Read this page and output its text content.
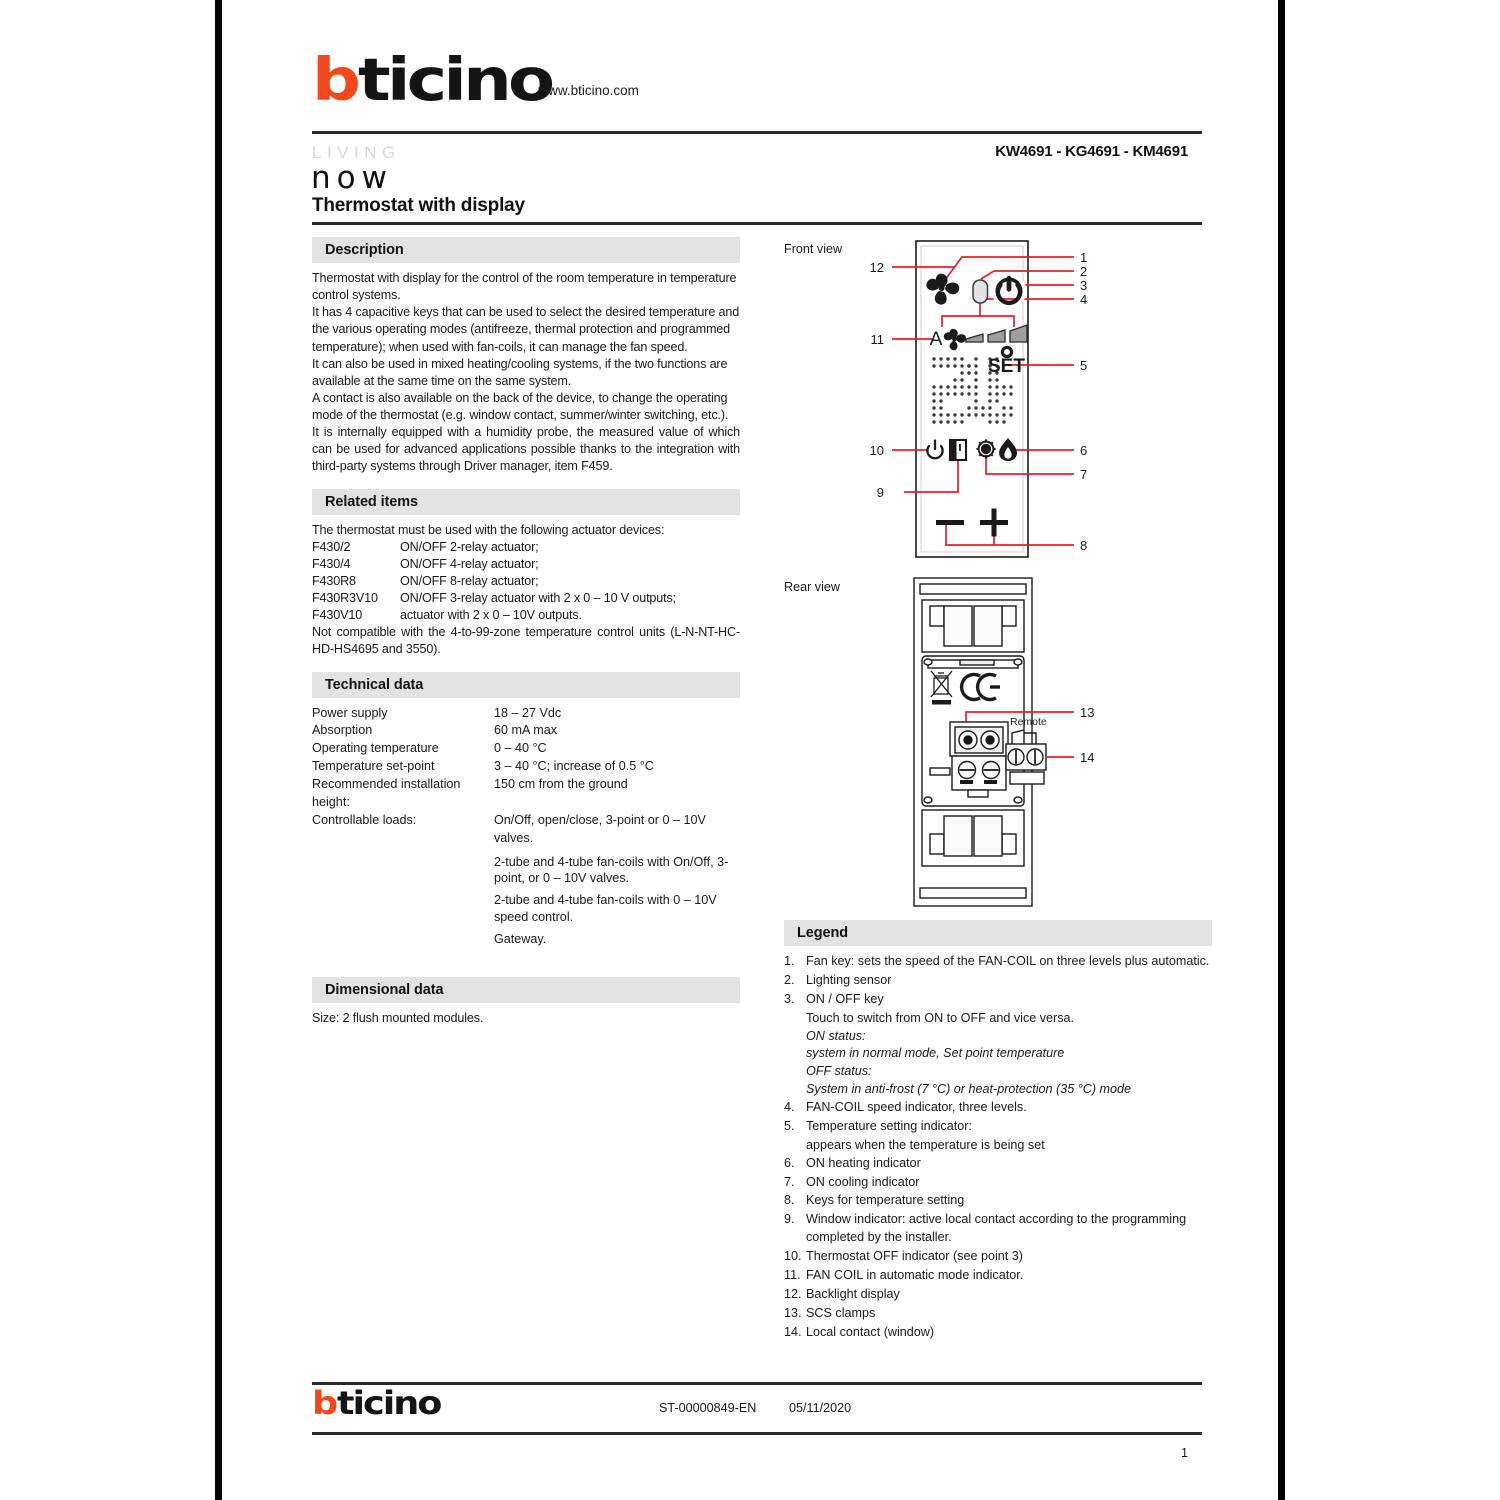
b ticino
www.bticino.com
LIVING
now
Thermostat with display
KW4691 - KG4691 - KM4691
Description

Thermostat with display for the control of the room temperature in temperature control systems.

It has 4 capacitive keys that can be used to select the desired temperature and the various operating modes (antifreeze, thermal protection and programmed temperature); when used with fan-coils, it can manage the fan speed.

It can also be used in mixed heating/cooling systems, if the two functions are available at the same time on the same system.

A contact is also available on the back of the device, to change the operating mode of the thermostat (e.g. window contact, summer/winter switching, etc.).

It is internally equipped with a humidity probe, the measured value of which can be used for advanced applications possible thanks to the integration with third-party systems through Driver manager, item F459.

Related items

The thermostat must be used with the following actuator devices:

F430/2	ON/OFF 2-relay actuator;
F430/4	ON/OFF 4-relay actuator;
F430R8	ON/OFF 8-relay actuator;
F430R3V10	ON/OFF 3-relay actuator with 2 x 0 – 10 V outputs;
F430V10	actuator with 2 x 0 – 10V outputs.

Not compatible with the 4-to-99-zone temperature control units (L-N-NT-HC-HD-HS4695 and 3550).

Technical data
Power supply	18 – 27 Vdc
Absorption	60 mA max
Operating temperature	0 – 40 °C
Temperature set-point	3 – 40 °C; increase of 0.5 °C
Recommended installation height:
150 cm from the ground
Controllable loads:	On/Off, open/close, 3-point or 0 – 10V valves.
2-tube and 4-tube fan-coils with On/Off, 3-point, or 0 – 10V valves.
2-tube and 4-tube fan-coils with 0 – 10V speed control.
Gateway.
Dimensional data
Size: 2 flush mounted modules.
Front view
A
SET
1
2
3
4
5
6
7
8
9
10
11
12
Rear view
Remote
13
14
Legend
1. Fan key: sets the speed of the FAN-COIL on three levels plus automatic.
2. Lighting sensor
3. ON / OFF key
Touch to switch from ON to OFF and vice versa.
ON status:
system in normal mode, Set point temperature
OFF status:
System in anti-frost (7 °C) or heat-protection (35 °C) mode
4. FAN-COIL speed indicator, three levels.
5. Temperature setting indicator:
appears when the temperature is being set
6. ON heating indicator
7. ON cooling indicator
8. Keys for temperature setting
9. Window indicator: active local contact according to the programming completed by the installer.
10. Thermostat OFF indicator (see point 3)
11. FAN COIL in automatic mode indicator.
12. Backlight display
13. SCS clamps
14. Local contact (window)
b ticino	ST-00000849-EN	05/11/2020
1
